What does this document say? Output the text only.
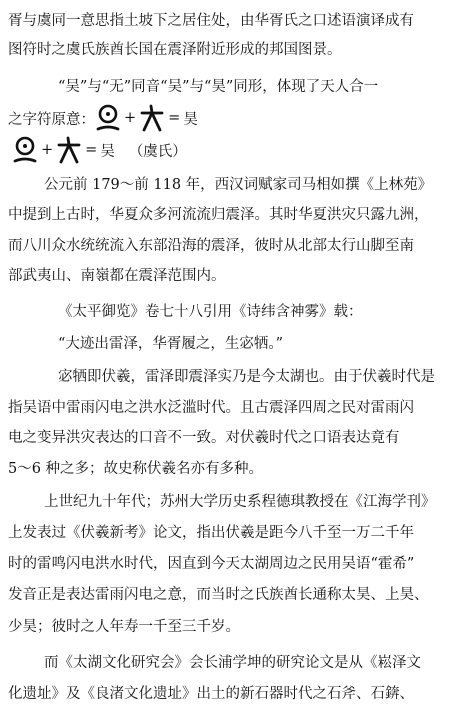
胥与虞同一意思指土坡下之居住处，由华胥氏之口述语演译成有
图符时之虞氏族酋长国在震泽附近形成的邦国图景。
“吴”与“无”同音“吴”与“昊”同形，体现了天人合一
之字符原意： + = 昊
+ = 吴 （虞氏）
公元前 179～前 118 年，西汉词赋家司马相如撰《上林苑》
中提到上古时，华夏众多河流流归震泽。其时华夏洪灾只露九洲，
而八川众水统统流入东部沿海的震泽，彼时从北部太行山脚至南
部武夷山、南嶺都在震泽范围内。
《太平御览》卷七十八引用《诗纬含神雾》载：
“大迹出雷泽，华胥履之，生宓牺。”
宓牺即伏羲，雷泽即震泽实乃是今太湖也。由于伏羲时代是
指吴语中雷雨闪电之洪水泛滥时代。且古震泽四周之民对雷雨闪
电之变异洪灾表达的口音不一致。对伏羲时代之口语表达竟有
5～6 种之多；故史称伏羲名亦有多种。
上世纪九十年代；苏州大学历史系程德琪教授在《江海学刊》
上发表过《伏羲新考》论文，指出伏羲是距今八千至一万二千年
时的雷鸣闪电洪水时代，因直到今天太湖周边之民用吴语“霍希”
发音正是表达雷雨闪电之意，而当时之氏族酋长通称太昊、上昊、
少昊；彼时之人年寿一千至三千岁。
而《太湖文化研究会》会长浦学坤的研究论文是从《崧泽文
化遗址》及《良渚文化遗址》出土的新石器时代之石斧、石錛、
